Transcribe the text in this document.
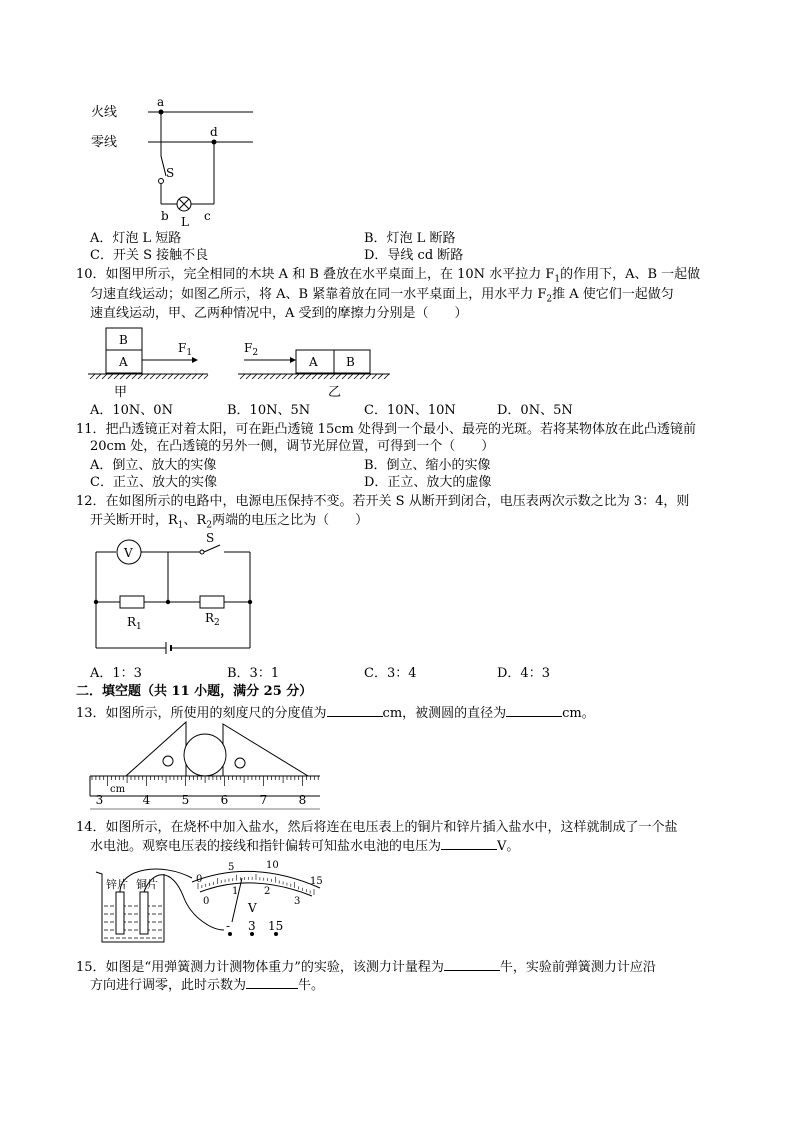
火线
零线
a
d
S
b L c
A．灯泡 L 短路	B．灯泡 L 断路
C．开关 S 接触不良	D．导线 cd 断路
10．如图甲所示，完全相同的木块 A 和 B 叠放在水平桌面上，在 10N 水平拉力 $F_1$的作用下，A、B 一起做
匀速直线运动；如图乙所示，将 A、B 紧靠着放在同一水平桌面上，用水平力 $F_2$推 A 使它们一起做匀
速直线运动，甲、乙两种情况中，A 受到的摩擦力分别是（　　）
B
A
$F_1$
甲
A B
$F_2$
乙
A．10N、0N	B．10N、5N	C．10N、10N	D．0N、5N
11．把凸透镜正对着太阳，可在距凸透镜 15cm 处得到一个最小、最亮的光斑。若将某物体放在此凸透镜前
20cm 处，在凸透镜的另外一侧，调节光屏位置，可得到一个（　　）
A．倒立、放大的实像	B．倒立、缩小的实像
C．正立、放大的实像	D．正立、放大的虚像
12．在如图所示的电路中，电源电压保持不变。若开关 S 从断开到闭合，电压表两次示数之比为 3：4，则
开关断开时，$R_1$、$R_2$两端的电压之比为（　　）
V
S
$R_1$
$R_2$
A．1：3	B．3：1	C．3：4	D．4：3
二．填空题（共 11 小题，满分 25 分）
13．如图所示，所使用的刻度尺的分度值为	cm，被测圆的直径为	cm。
3	4	5	6	7	8
cm
14．如图所示，在烧杯中加入盐水，然后将连在电压表上的铜片和锌片插入盐水中，这样就制成了一个盐
水电池。观察电压表的接线和指针偏转可知盐水电池的电压为	V。
锌片 铜片	0
5	10
15
0
1	2
3
V
- 3 15
15．如图是“用弹簧测力计测物体重力”的实验，该测力计量程为	牛，实验前弹簧测力计应沿
方向进行调零，此时示数为	牛。
